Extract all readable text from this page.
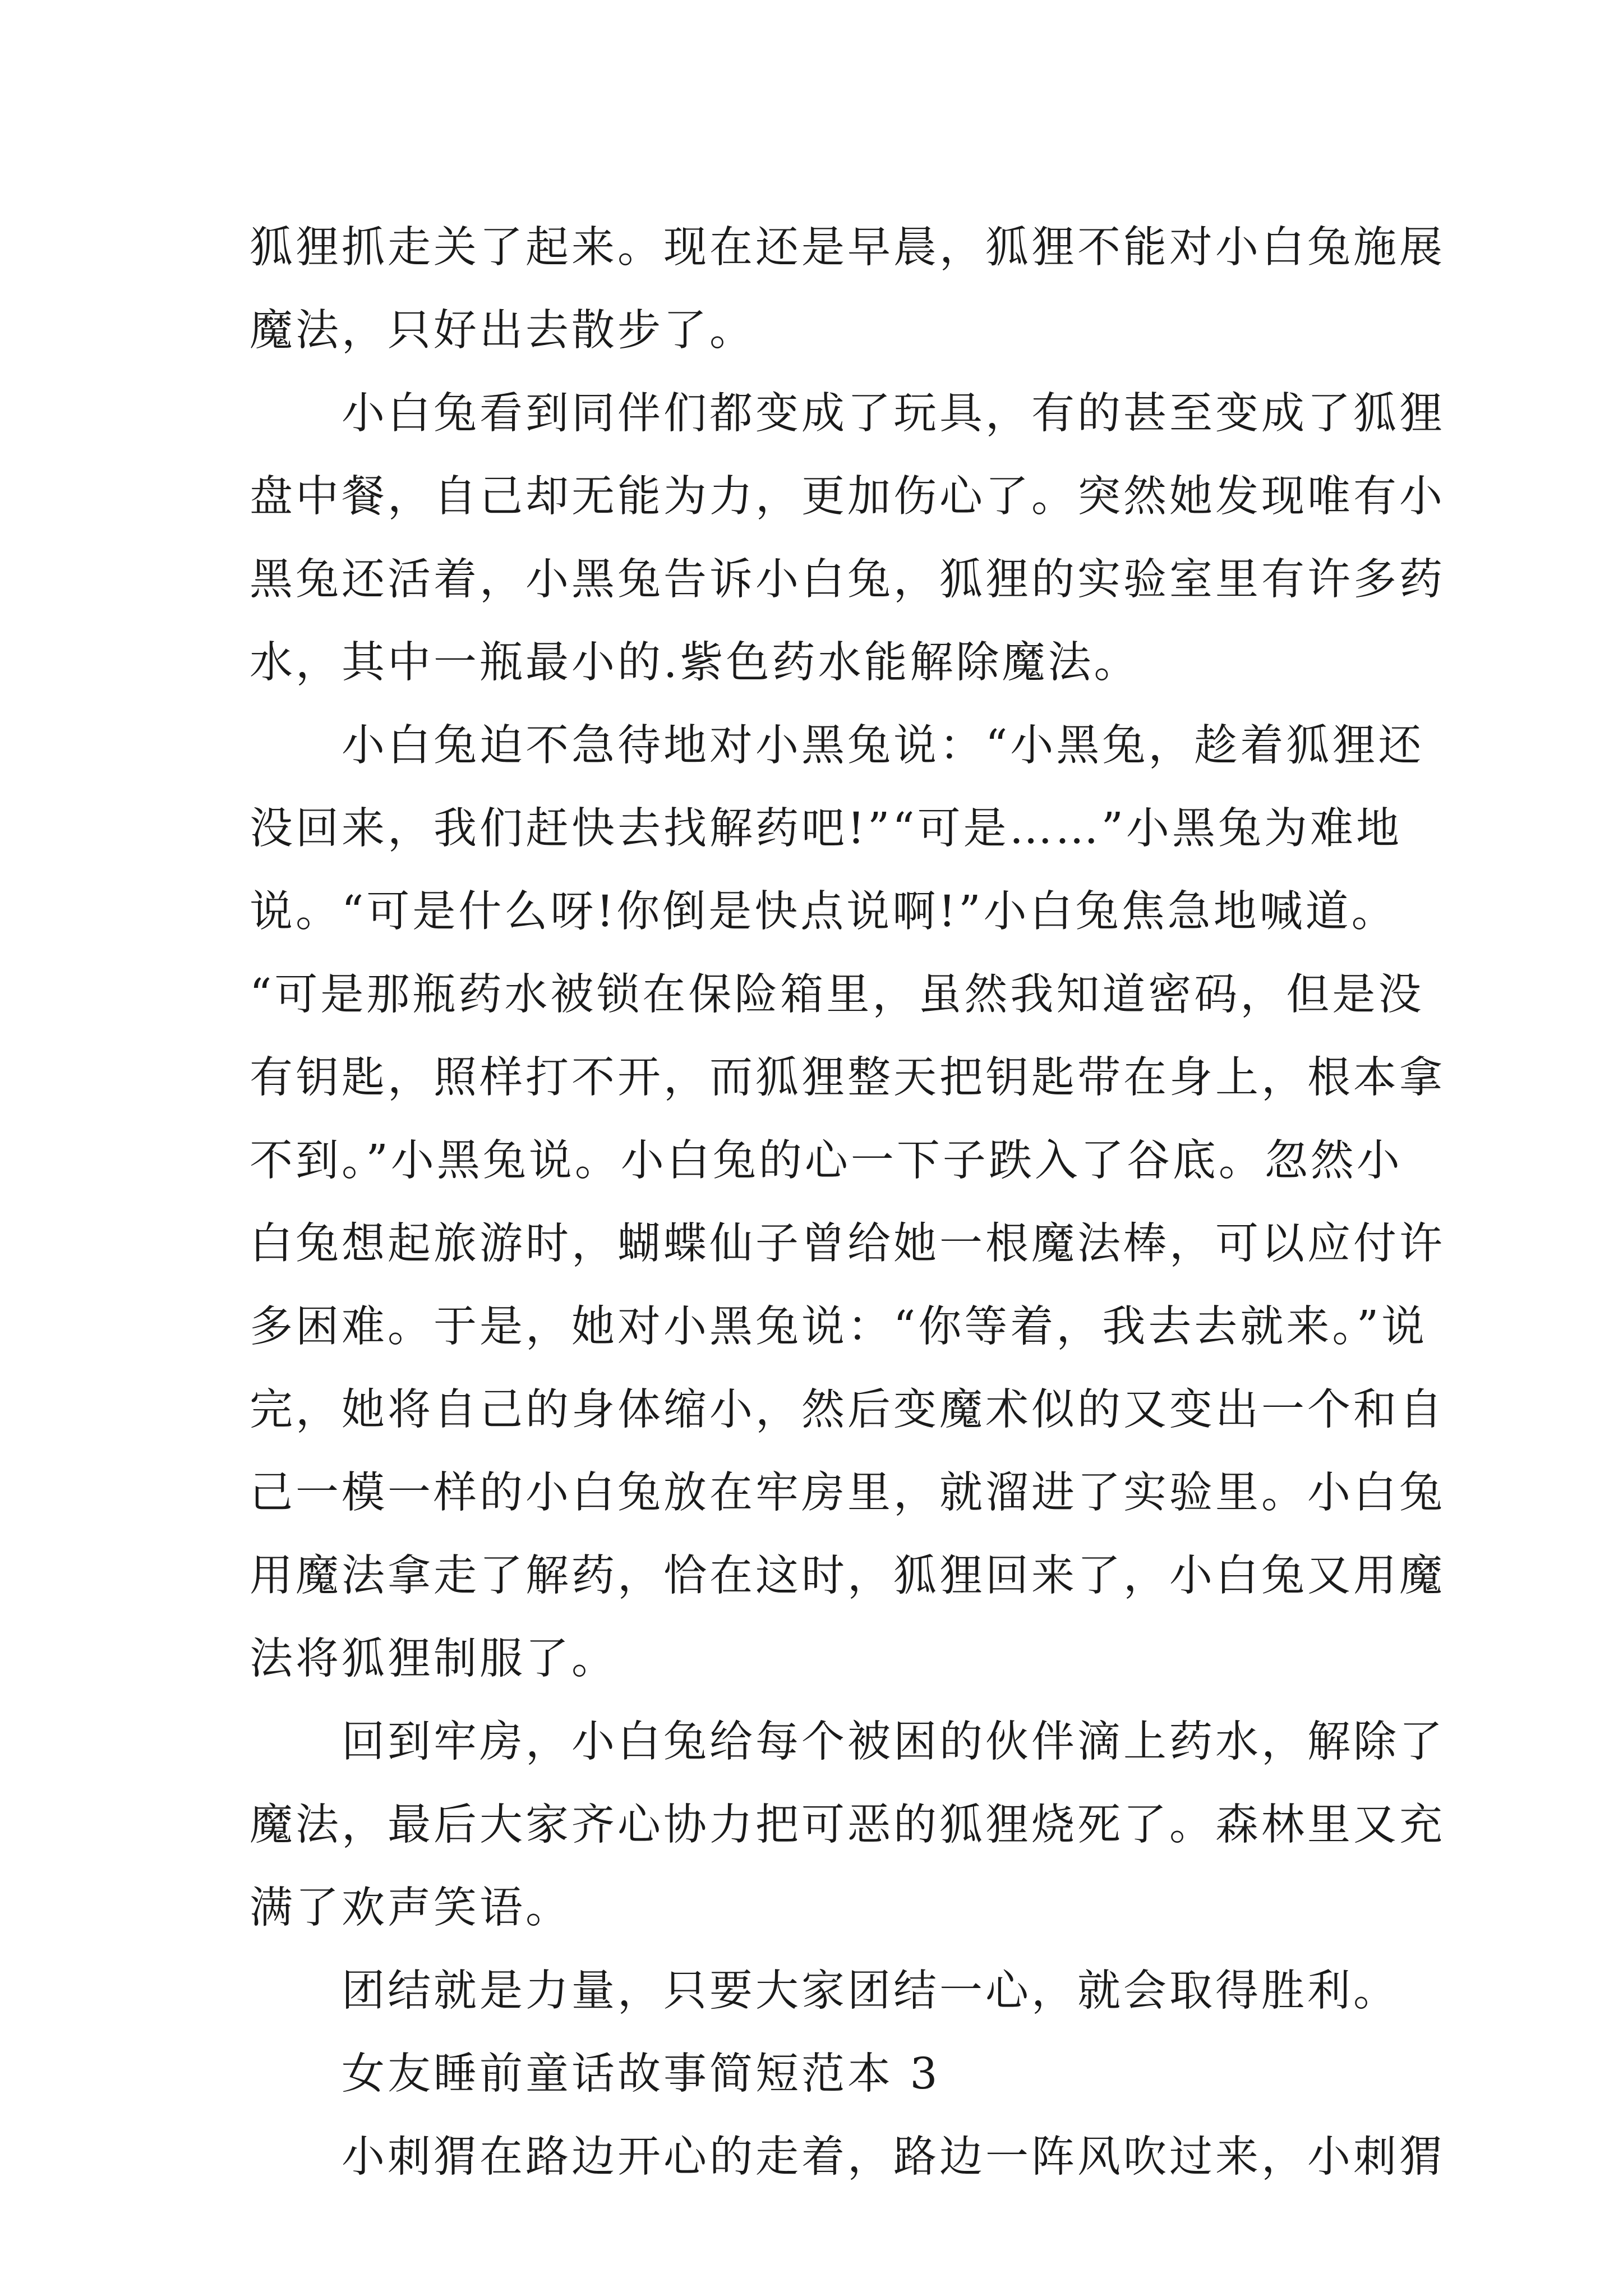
狐狸抓走关了起来。现在还是早晨，狐狸不能对小白兔施展
魔法，只好出去散步了。
小白兔看到同伴们都变成了玩具，有的甚至变成了狐狸
盘中餐，自己却无能为力，更加伤心了。突然她发现唯有小
黑兔还活着，小黑兔告诉小白兔，狐狸的实验室里有许多药
水，其中一瓶最小的.紫色药水能解除魔法。
小白兔迫不急待地对小黑兔说：“小黑兔，趁着狐狸还
没回来，我们赶快去找解药吧!”“可是……”小黑兔为难地
说。“可是什么呀!你倒是快点说啊!”小白兔焦急地喊道。
“可是那瓶药水被锁在保险箱里，虽然我知道密码，但是没
有钥匙，照样打不开，而狐狸整天把钥匙带在身上，根本拿
不到。”小黑兔说。小白兔的心一下子跌入了谷底。忽然小
白兔想起旅游时，蝴蝶仙子曾给她一根魔法棒，可以应付许
多困难。于是，她对小黑兔说：“你等着，我去去就来。”说
完，她将自己的身体缩小，然后变魔术似的又变出一个和自
己一模一样的小白兔放在牢房里，就溜进了实验里。小白兔
用魔法拿走了解药，恰在这时，狐狸回来了，小白兔又用魔
法将狐狸制服了。
回到牢房，小白兔给每个被困的伙伴滴上药水，解除了
魔法，最后大家齐心协力把可恶的狐狸烧死了。森林里又充
满了欢声笑语。
团结就是力量，只要大家团结一心，就会取得胜利。
女友睡前童话故事简短范本 3
小刺猬在路边开心的走着，路边一阵风吹过来，小刺猬
